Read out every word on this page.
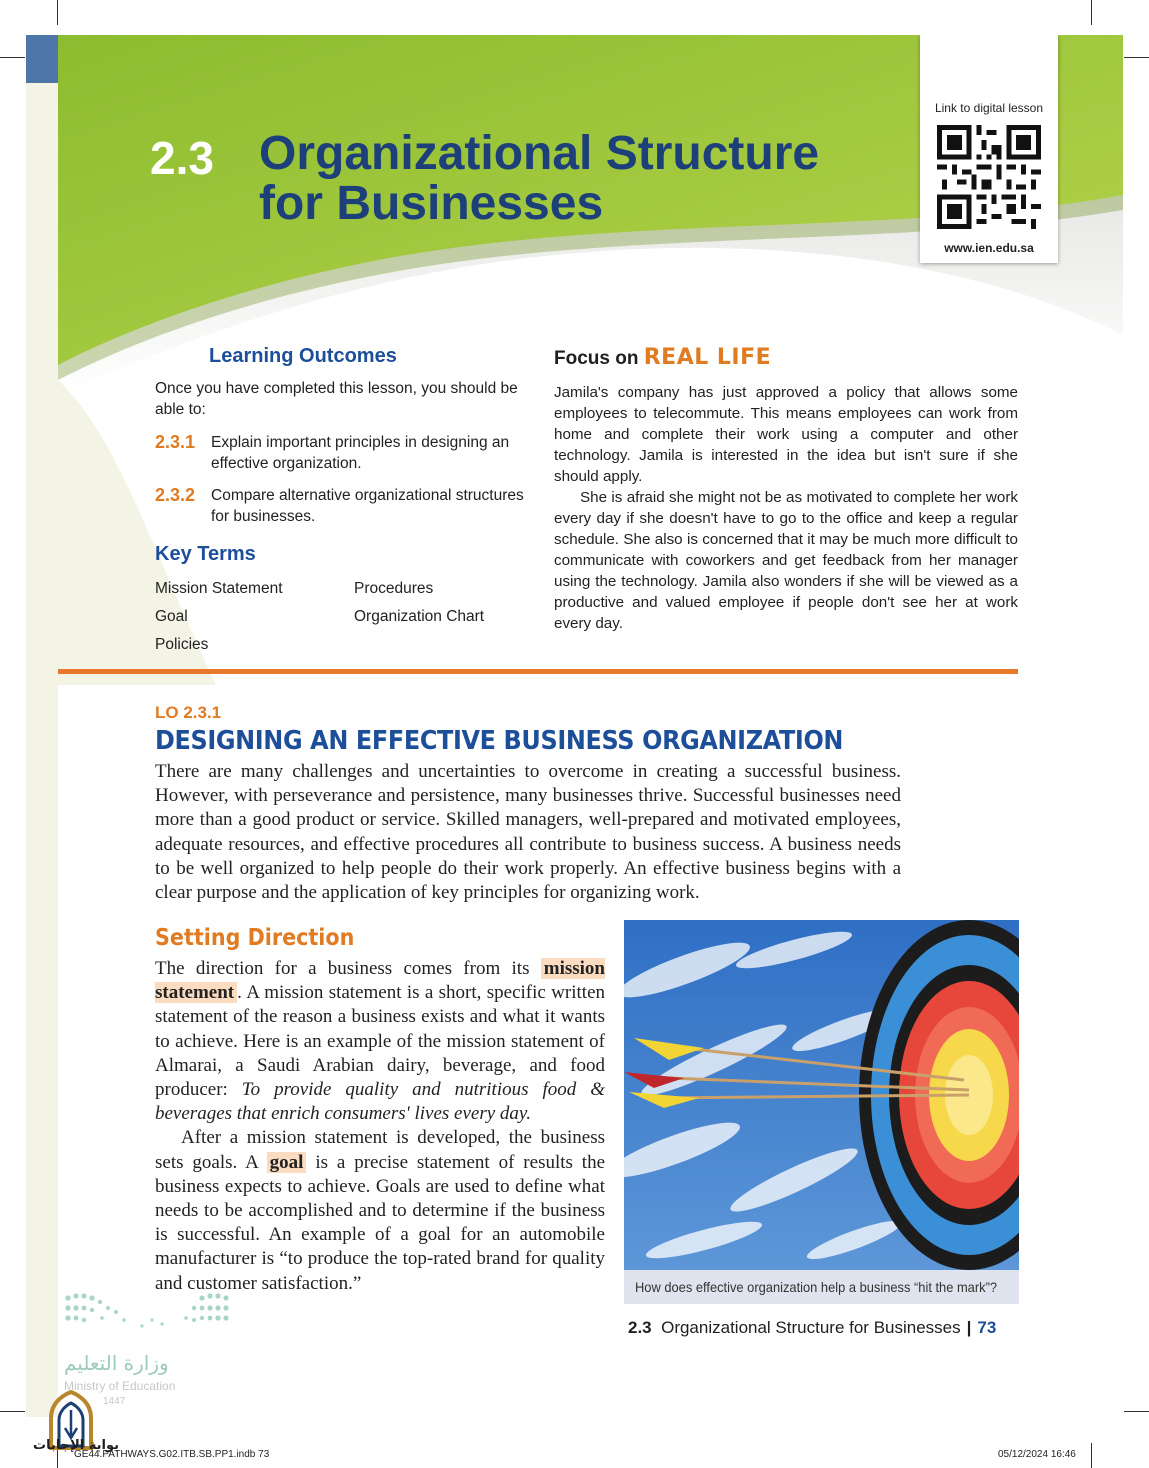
2.3 Organizational Structure for Businesses
Link to digital lesson
www.ien.edu.sa
Learning Outcomes
Once you have completed this lesson, you should be able to:
2.3.1 Explain important principles in designing an effective organization.
2.3.2 Compare alternative organizational structures for businesses.
Key Terms
Mission Statement
Goal
Policies
Procedures
Organization Chart
Focus on REAL LIFE

Jamila's company has just approved a policy that allows some employees to telecommute. This means employees can work from home and complete their work using a computer and other technology. Jamila is interested in the idea but isn't sure if she should apply.

She is afraid she might not be as motivated to complete her work every day if she doesn't have to go to the office and keep a regular schedule. She also is concerned that it may be much more difficult to communicate with coworkers and get feedback from her manager using the technology. Jamila also wonders if she will be viewed as a productive and valued employee if people don't see her at work every day.

LO 2.3.1
DESIGNING AN EFFECTIVE BUSINESS ORGANIZATION

There are many challenges and uncertainties to overcome in creating a successful business. However, with perseverance and persistence, many businesses thrive. Successful businesses need more than a good product or service. Skilled managers, well-prepared and motivated employees, adequate resources, and effective procedures all contribute to business success. A business needs to be well organized to help people do their work properly. An effective business begins with a clear purpose and the application of key principles for organizing work.

Setting Direction

The direction for a business comes from its mission statement . A mission statement is a short, specific written statement of the reason a business exists and what it wants to achieve. Here is an example of the mission statement of Almarai, a Saudi Arabian dairy, beverage, and food producer: To provide quality and nutritious food & beverages that enrich consumers' lives every day.

After a mission statement is developed, the business sets goals. A goal is a precise statement of results the business expects to achieve. Goals are used to define what needs to be accomplished and to determine if the business is successful. An example of a goal for an automobile manufacturer is “to produce the top-rated brand for quality and customer satisfaction.”	How does effective organization help a business “hit the mark”?
2.3 Organizational Structure for Businesses | 73
وزارة التعليم
Ministry of Education
1447
GE44.PATHWAYS.G02.ITB.SB.PP1.indb 73	05/12/2024 16:46
بوابة الإجابات
